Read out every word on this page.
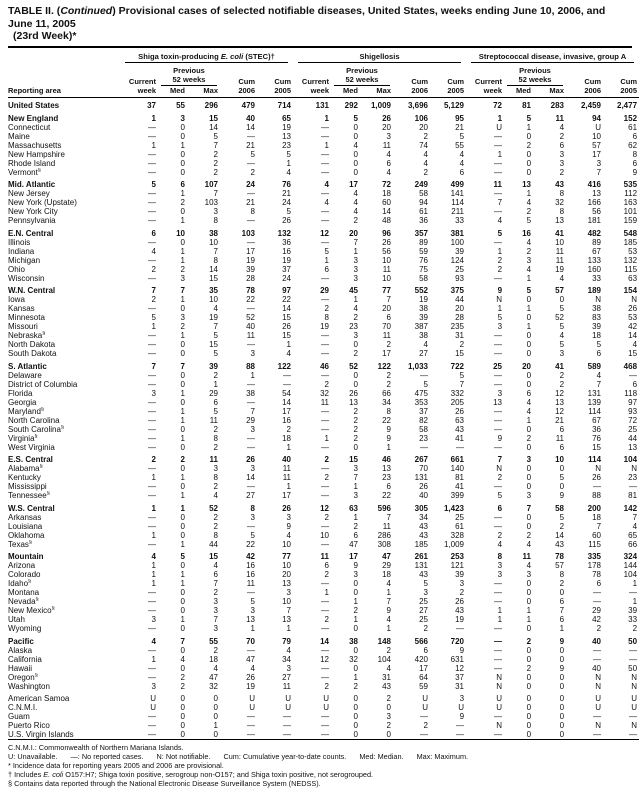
TABLE II. (Continued) Provisional cases of selected notifiable diseases, United States, weeks ending June 10, 2006, and June 11, 2005
(23rd Week)*

	Shiga toxin-producing E. coli (STEC)†					Shigellosis					Streptococcal disease, invasive, group A				

		Previous					Previous					Previous			
	Current	52 weeks		Cum	Cum	Current	52 weeks		Cum	Cum	Current	52 weeks		Cum	Cum
Reporting area	week	Med	Max	2006	2005	week	Med	Max	2006	2005	week	Med	Max	2006	2005
United States	37	55	296	479	714	131	292	1,009	3,696	5,129	72	81	283	2,459	2,477
New England	1	3	15	40	65	1	5	26	106	95	1	5	11	94	152
Connecticut	—	0	14	14	19	—	0	20	20	21	U	1	4	U	61
Maine	—	0	5	—	13	—	0	3	2	5	—	0	2	10	6
Massachusetts	1	1	7	21	23	1	4	11	74	55	—	2	6	57	62
New Hampshire	—	0	2	5	5	—	0	4	4	4	1	0	3	17	8
Rhode Island	—	0	2	—	1	—	0	6	4	4	—	0	3	3	6
Vermont§	—	0	2	2	4	—	0	4	2	6	—	0	2	7	9
Mid. Atlantic	5	6	107	24	76	4	17	72	249	499	11	13	43	416	535
New Jersey	—	1	7	—	21	—	4	18	58	141	—	1	8	13	112
New York (Upstate)	—	2	103	21	24	4	4	60	94	114	7	4	32	166	163
New York City	—	0	3	8	5	—	4	14	61	211	—	2	8	56	101
Pennsylvania	—	1	8	—	26	—	2	48	36	33	4	5	13	181	159
E.N. Central	6	10	38	103	132	12	20	96	357	381	5	16	41	482	548
Illinois	—	0	10	—	36	—	7	26	89	100	—	4	10	89	185
Indiana	4	1	7	17	16	5	1	56	59	39	1	2	11	67	53
Michigan	—	1	8	19	19	1	3	10	76	124	2	3	11	133	132
Ohio	2	2	14	39	37	6	3	11	75	25	2	4	19	160	115
Wisconsin	—	3	15	28	24	—	3	10	58	93	—	1	4	33	63
W.N. Central	7	7	35	78	97	29	45	77	552	375	9	5	57	189	154
Iowa	2	1	10	22	22	—	1	7	19	44	N	0	0	N	N
Kansas	—	0	4	—	14	2	4	20	38	20	1	1	5	38	26
Minnesota	5	3	19	52	15	8	2	6	39	28	5	0	52	83	53
Missouri	1	2	7	40	26	19	23	70	387	235	3	1	5	39	42
Nebraska§	—	1	5	11	15	—	3	11	38	31	—	0	4	18	14
North Dakota	—	0	15	—	1	—	0	2	4	2	—	0	5	5	4
South Dakota	—	0	5	3	4	—	2	17	27	15	—	0	3	6	15
S. Atlantic	7	7	39	88	122	46	52	122	1,033	722	25	20	41	589	468
Delaware	—	0	2	1	—	—	0	2	—	5	—	0	2	4	—
District of Columbia	—	0	1	—	—	2	0	2	5	7	—	0	2	7	6
Florida	3	1	29	38	54	32	26	66	475	332	3	6	12	131	118
Georgia	—	0	6	—	14	11	13	34	353	205	13	4	13	139	97
Maryland§	—	1	5	7	17	—	2	8	37	26	—	4	12	114	93
North Carolina	—	1	11	29	16	—	2	22	82	63	—	1	21	67	72
South Carolina§	—	0	2	3	2	—	2	9	58	43	—	0	6	36	25
Virginia§	—	1	8	—	18	1	2	9	23	41	9	2	11	76	44
West Virginia	—	0	2	—	1	—	0	1	—	—	—	0	6	15	13
E.S. Central	2	2	11	26	40	2	15	46	267	661	7	3	10	114	104
Alabama§	—	0	3	3	11	—	3	13	70	140	N	0	0	N	N
Kentucky	1	1	8	14	11	2	7	23	131	81	2	0	5	26	23
Mississippi	—	0	2	—	1	—	1	6	26	41	—	0	0	—	—
Tennessee§	—	1	4	27	17	—	3	22	40	399	5	3	9	88	81
W.S. Central	1	1	52	8	26	12	63	596	305	1,423	6	7	58	200	142
Arkansas	—	0	2	3	3	2	1	7	34	25	—	0	5	18	7
Louisiana	—	0	2	—	9	—	2	11	43	61	—	0	2	7	4
Oklahoma	1	0	8	5	4	10	6	286	43	328	2	2	14	60	65
Texas§	—	1	44	22	10	—	47	308	185	1,009	4	4	43	115	66
Mountain	4	5	15	42	77	11	17	47	261	253	8	11	78	335	324
Arizona	1	0	4	16	10	6	9	29	131	121	3	4	57	178	144
Colorado	1	1	6	16	20	2	3	18	43	39	3	3	8	78	104
Idaho§	1	1	7	11	13	—	0	4	5	3	—	0	2	6	1
Montana	—	0	2	—	3	1	0	1	3	2	—	0	0	—	—
Nevada§	—	0	3	5	10	—	1	7	25	26	—	0	6	—	1
New Mexico§	—	0	3	3	7	—	2	9	27	43	1	1	7	29	39
Utah	3	1	7	13	13	2	1	4	25	19	1	1	6	42	33
Wyoming	—	0	3	1	1	—	0	1	2	—	—	0	1	2	2
Pacific	4	7	55	70	79	14	38	148	566	720	—	2	9	40	50
Alaska	—	0	2	—	4	—	0	2	6	9	—	0	0	—	—
California	1	4	18	47	34	12	32	104	420	631	—	0	0	—	—
Hawaii	—	0	4	4	3	—	0	4	17	12	—	2	9	40	50
Oregon§	—	2	47	26	27	—	1	31	64	37	N	0	0	N	N
Washington	3	2	32	19	11	2	2	43	59	31	N	0	0	N	N
American Samoa	U	0	0	U	U	U	0	2	U	3	U	0	0	U	U
C.N.M.I.	U	0	0	U	U	U	0	0	U	U	U	0	0	U	U
Guam	—	0	0	—	—	—	0	3	—	9	—	0	0	—	—
Puerto Rico	—	0	1	—	—	—	0	2	2	—	N	0	0	N	N
U.S. Virgin Islands	—	0	0	—	—	—	0	0	—	—	—	0	0	—	—
C.N.M.I.: Commonwealth of Northern Mariana Islands.
U: Unavailable. —: No reported cases. N: Not notifiable. Cum: Cumulative year-to-date counts. Med: Median. Max: Maximum.
* Incidence data for reporting years 2005 and 2006 are provisional.
† Includes E. coli O157:H7; Shiga toxin positive, serogroup non-O157; and Shiga toxin positive, not serogrouped.
§ Contains data reported through the National Electronic Disease Surveillance System (NEDSS).
